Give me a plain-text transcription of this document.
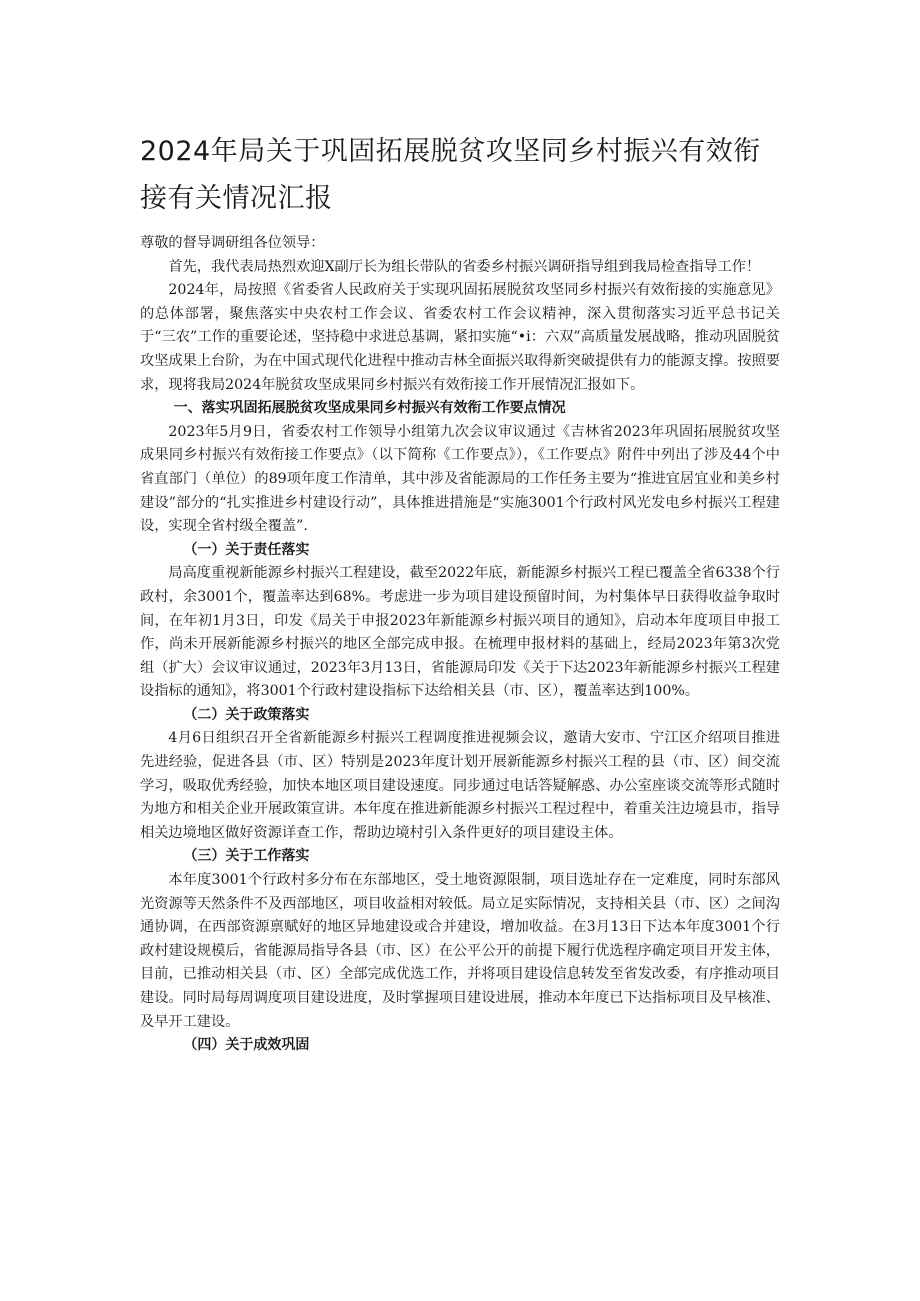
2024年局关于巩固拓展脱贫攻坚同乡村振兴有效衔
接有关情况汇报

尊敬的督导调研组各位领导：

首先，我代表局热烈欢迎X副厅长为组长带队的省委乡村振兴调研指导组到我局检查指导工作！

2024年，局按照《省委省人民政府关于实现巩固拓展脱贫攻坚同乡村振兴有效衔接的实施意见》的总体部署，聚焦落实中央农村工作会议、省委农村工作会议精神，深入贯彻落实习近平总书记关于“三农”工作的重要论述，坚持稳中求进总基调，紧扣实施“•i：六双”高质量发展战略，推动巩固脱贫攻坚成果上台阶，为在中国式现代化进程中推动吉林全面振兴取得新突破提供有力的能源支撑。按照要求，现将我局2024年脱贫攻坚成果同乡村振兴有效衔接工作开展情况汇报如下。

一、落实巩固拓展脱贫攻坚成果同乡村振兴有效衔工作要点情况

2023年5月9日，省委农村工作领导小组第九次会议审议通过《吉林省2023年巩固拓展脱贫攻坚成果同乡村振兴有效衔接工作要点》（以下简称《工作要点》），《工作要点》附件中列出了涉及44个中省直部门（单位）的89项年度工作清单，其中涉及省能源局的工作任务主要为“推进宜居宜业和美乡村建设”部分的“扎实推进乡村建设行动”，具体推进措施是“实施3001个行政村风光发电乡村振兴工程建设，实现全省村级全覆盖”.

（一）关于责任落实

局高度重视新能源乡村振兴工程建设，截至2022年底，新能源乡村振兴工程已覆盖全省6338个行政村，余3001个，覆盖率达到68%。考虑进一步为项目建设预留时间，为村集体早日获得收益争取时间，在年初1月3日，印发《局关于申报2023年新能源乡村振兴项目的通知》，启动本年度项目申报工作，尚未开展新能源乡村振兴的地区全部完成申报。在梳理申报材料的基础上，经局2023年第3次党组（扩大）会议审议通过，2023年3月13日，省能源局印发《关于下达2023年新能源乡村振兴工程建设指标的通知》，将3001个行政村建设指标下达给相关县（市、区），覆盖率达到100%。

（二）关于政策落实

4月6日组织召开全省新能源乡村振兴工程调度推进视频会议，邀请大安市、宁江区介绍项目推进先进经验，促进各县（市、区）特别是2023年度计划开展新能源乡村振兴工程的县（市、区）间交流学习，吸取优秀经验，加快本地区项目建设速度。同步通过电话答疑解惑、办公室座谈交流等形式随时为地方和相关企业开展政策宣讲。本年度在推进新能源乡村振兴工程过程中，着重关注边境县市，指导相关边境地区做好资源详查工作，帮助边境村引入条件更好的项目建设主体。

（三）关于工作落实

本年度3001个行政村多分布在东部地区，受土地资源限制，项目选址存在一定难度，同时东部风光资源等天然条件不及西部地区，项目收益相对较低。局立足实际情况，支持相关县（市、区）之间沟通协调，在西部资源禀赋好的地区异地建设或合并建设，增加收益。在3月13日下达本年度3001个行政村建设规模后，省能源局指导各县（市、区）在公平公开的前提下履行优选程序确定项目开发主体，目前，已推动相关县（市、区）全部完成优选工作，并将项目建设信息转发至省发改委，有序推动项目建设。同时局每周调度项目建设进度，及时掌握项目建设进展，推动本年度已下达指标项目及早核准、及早开工建设。

（四）关于成效巩固
